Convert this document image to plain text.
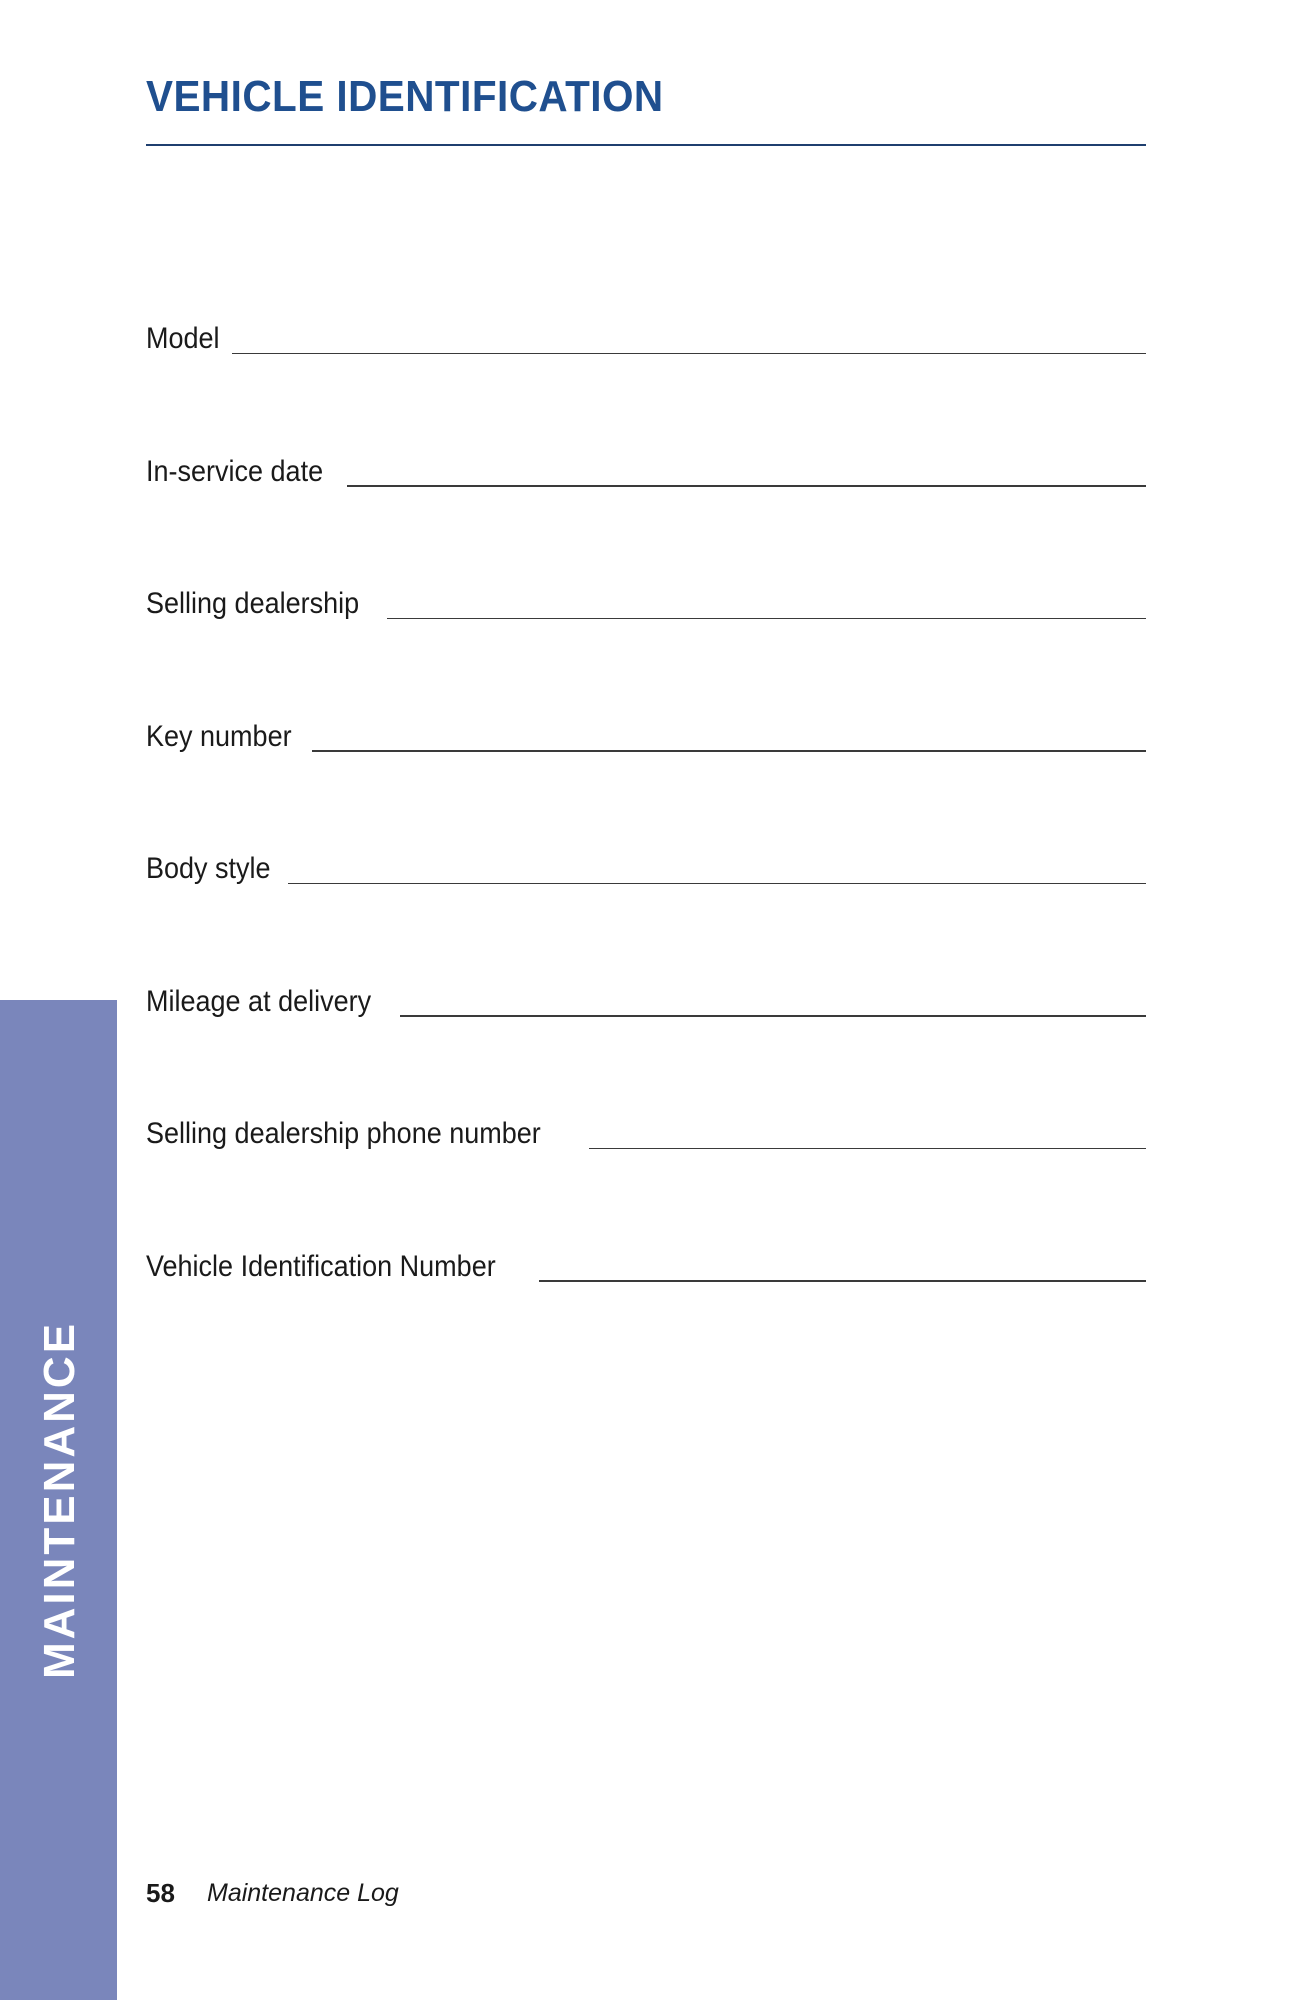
VEHICLE IDENTIFICATION
Model
In-service date
Selling dealership
Key number
Body style
Mileage at delivery
Selling dealership phone number
Vehicle Identification Number
MAINTENANCE
58 Maintenance Log
